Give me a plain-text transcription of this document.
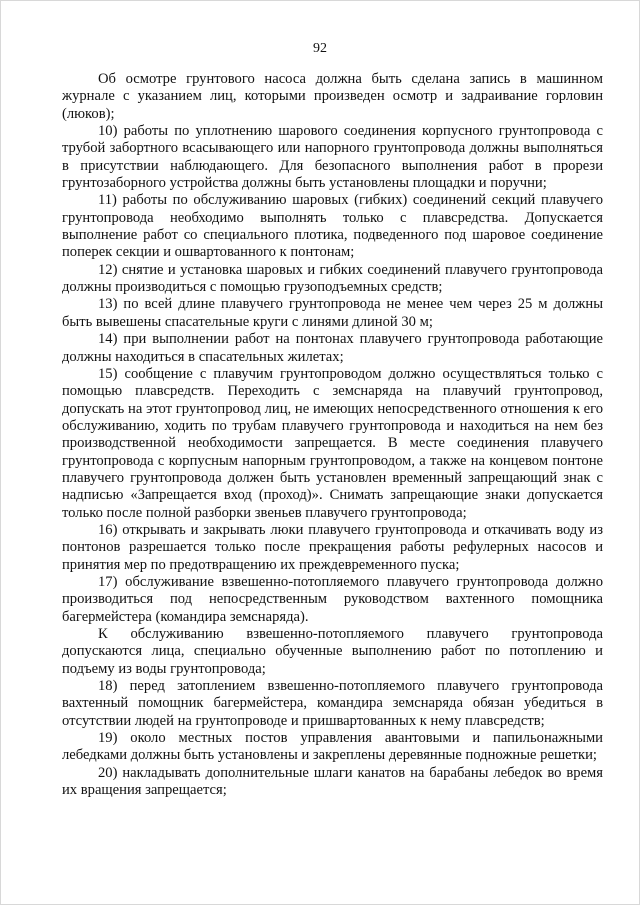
92

Об осмотре грунтового насоса должна быть сделана запись в машинном журнале с указанием лиц, которыми произведен осмотр и задраивание горловин (люков);

10) работы по уплотнению шарового соединения корпусного грунтопровода с трубой забортного всасывающего или напорного грунтопровода должны выполняться в присутствии наблюдающего. Для безопасного выполнения работ в прорези грунтозаборного устройства должны быть установлены площадки и поручни;

11) работы по обслуживанию шаровых (гибких) соединений секций плавучего грунтопровода необходимо выполнять только с плавсредства. Допускается выполнение работ со специального плотика, подведенного под шаровое соединение поперек секции и ошвартованного к понтонам;

12) снятие и установка шаровых и гибких соединений плавучего грунтопровода должны производиться с помощью грузоподъемных средств;

13) по всей длине плавучего грунтопровода не менее чем через 25 м должны быть вывешены спасательные круги с линями длиной 30 м;

14) при выполнении работ на понтонах плавучего грунтопровода работающие должны находиться в спасательных жилетах;

15) сообщение с плавучим грунтопроводом должно осуществляться только с помощью плавсредств. Переходить с земснаряда на плавучий грунтопровод, допускать на этот грунтопровод лиц, не имеющих непосредственного отношения к его обслуживанию, ходить по трубам плавучего грунтопровода и находиться на нем без производственной необходимости запрещается. В месте соединения плавучего грунтопровода с корпусным напорным грунтопроводом, а также на концевом понтоне плавучего грунтопровода должен быть установлен временный запрещающий знак с надписью «Запрещается вход (проход)». Снимать запрещающие знаки допускается только после полной разборки звеньев плавучего грунтопровода;

16) открывать и закрывать люки плавучего грунтопровода и откачивать воду из понтонов разрешается только после прекращения работы рефулерных насосов и принятия мер по предотвращению их преждевременного пуска;

17) обслуживание взвешенно-потопляемого плавучего грунтопровода должно производиться под непосредственным руководством вахтенного помощника багермейстера (командира земснаряда).

К обслуживанию взвешенно-потопляемого плавучего грунтопровода допускаются лица, специально обученные выполнению работ по потоплению и подъему из воды грунтопровода;

18) перед затоплением взвешенно-потопляемого плавучего грунтопровода вахтенный помощник багермейстера, командира земснаряда обязан убедиться в отсутствии людей на грунтопроводе и пришвартованных к нему плавсредств;

19) около местных постов управления авантовыми и папильонажными лебедками должны быть установлены и закреплены деревянные подножные решетки;

20) накладывать дополнительные шлаги канатов на барабаны лебедок во время их вращения запрещается;
